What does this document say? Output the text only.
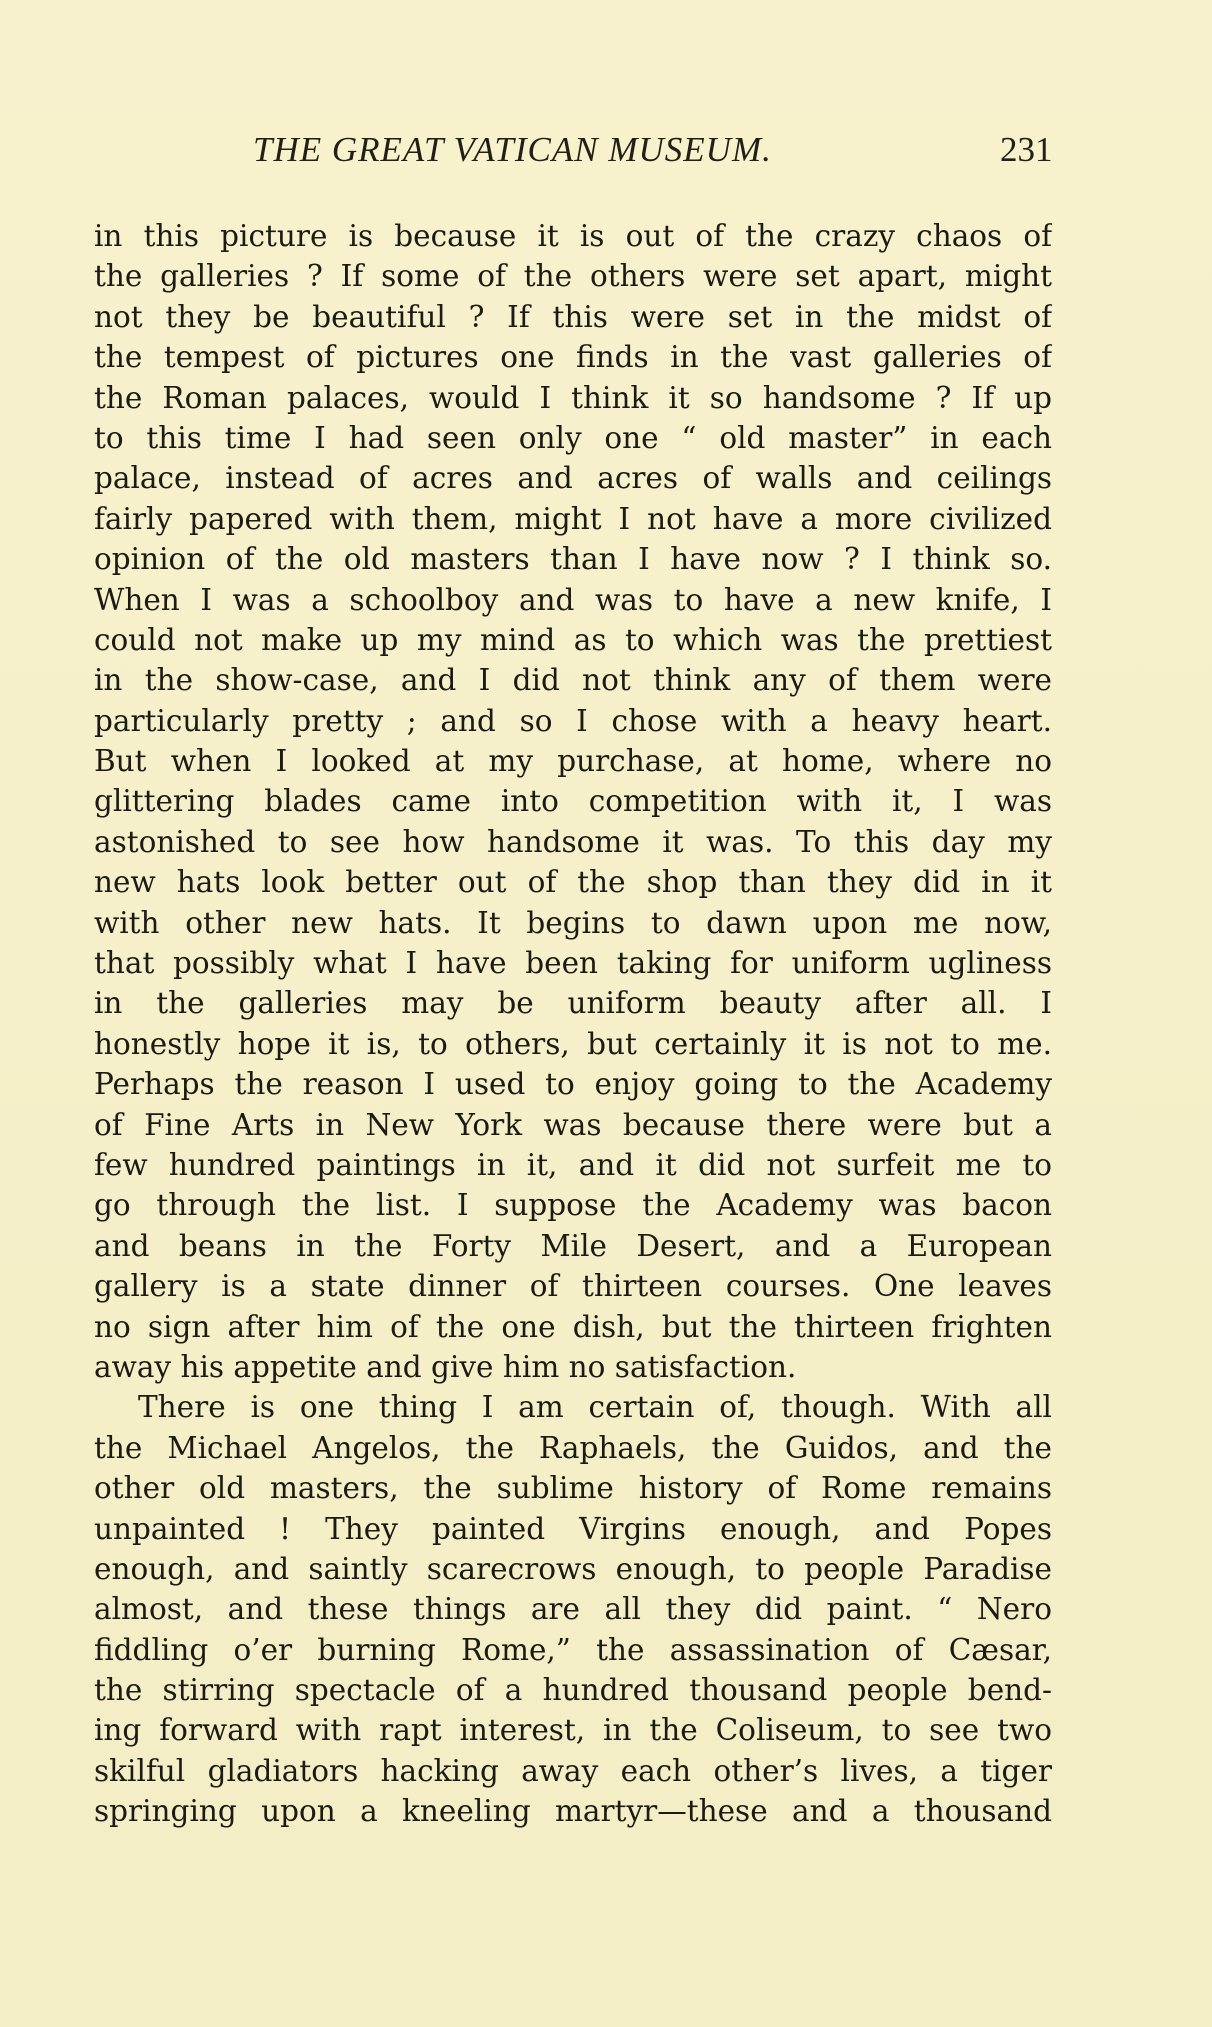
THE GREAT VATICAN MUSEUM.	231
in this picture is because it is out of the crazy chaos of
the galleries ? If some of the others were set apart, might
not they be beautiful ? If this were set in the midst of
the tempest of pictures one finds in the vast galleries of
the Roman palaces, would I think it so handsome ? If up
to this time I had seen only one “ old master” in each
palace, instead of acres and acres of walls and ceilings
fairly papered with them, might I not have a more civilized
opinion of the old masters than I have now ? I think so.
When I was a schoolboy and was to have a new knife, I
could not make up my mind as to which was the prettiest
in the show-case, and I did not think any of them were
particularly pretty ; and so I chose with a heavy heart.
But when I looked at my purchase, at home, where no
glittering blades came into competition with it, I was
astonished to see how handsome it was. To this day my
new hats look better out of the shop than they did in it
with other new hats. It begins to dawn upon me now,
that possibly what I have been taking for uniform ugliness
in the galleries may be uniform beauty after all. I
honestly hope it is, to others, but certainly it is not to me.
Perhaps the reason I used to enjoy going to the Academy
of Fine Arts in New York was because there were but a
few hundred paintings in it, and it did not surfeit me to
go through the list. I suppose the Academy was bacon
and beans in the Forty Mile Desert, and a European
gallery is a state dinner of thirteen courses. One leaves
no sign after him of the one dish, but the thirteen frighten
away his appetite and give him no satisfaction.
There is one thing I am certain of, though. With all
the Michael Angelos, the Raphaels, the Guidos, and the
other old masters, the sublime history of Rome remains
unpainted ! They painted Virgins enough, and Popes
enough, and saintly scarecrows enough, to people Paradise
almost, and these things are all they did paint. “ Nero
fiddling o’er burning Rome,” the assassination of Cæsar,
the stirring spectacle of a hundred thousand people bend-
ing forward with rapt interest, in the Coliseum, to see two
skilful gladiators hacking away each other’s lives, a tiger
springing upon a kneeling martyr—these and a thousand
